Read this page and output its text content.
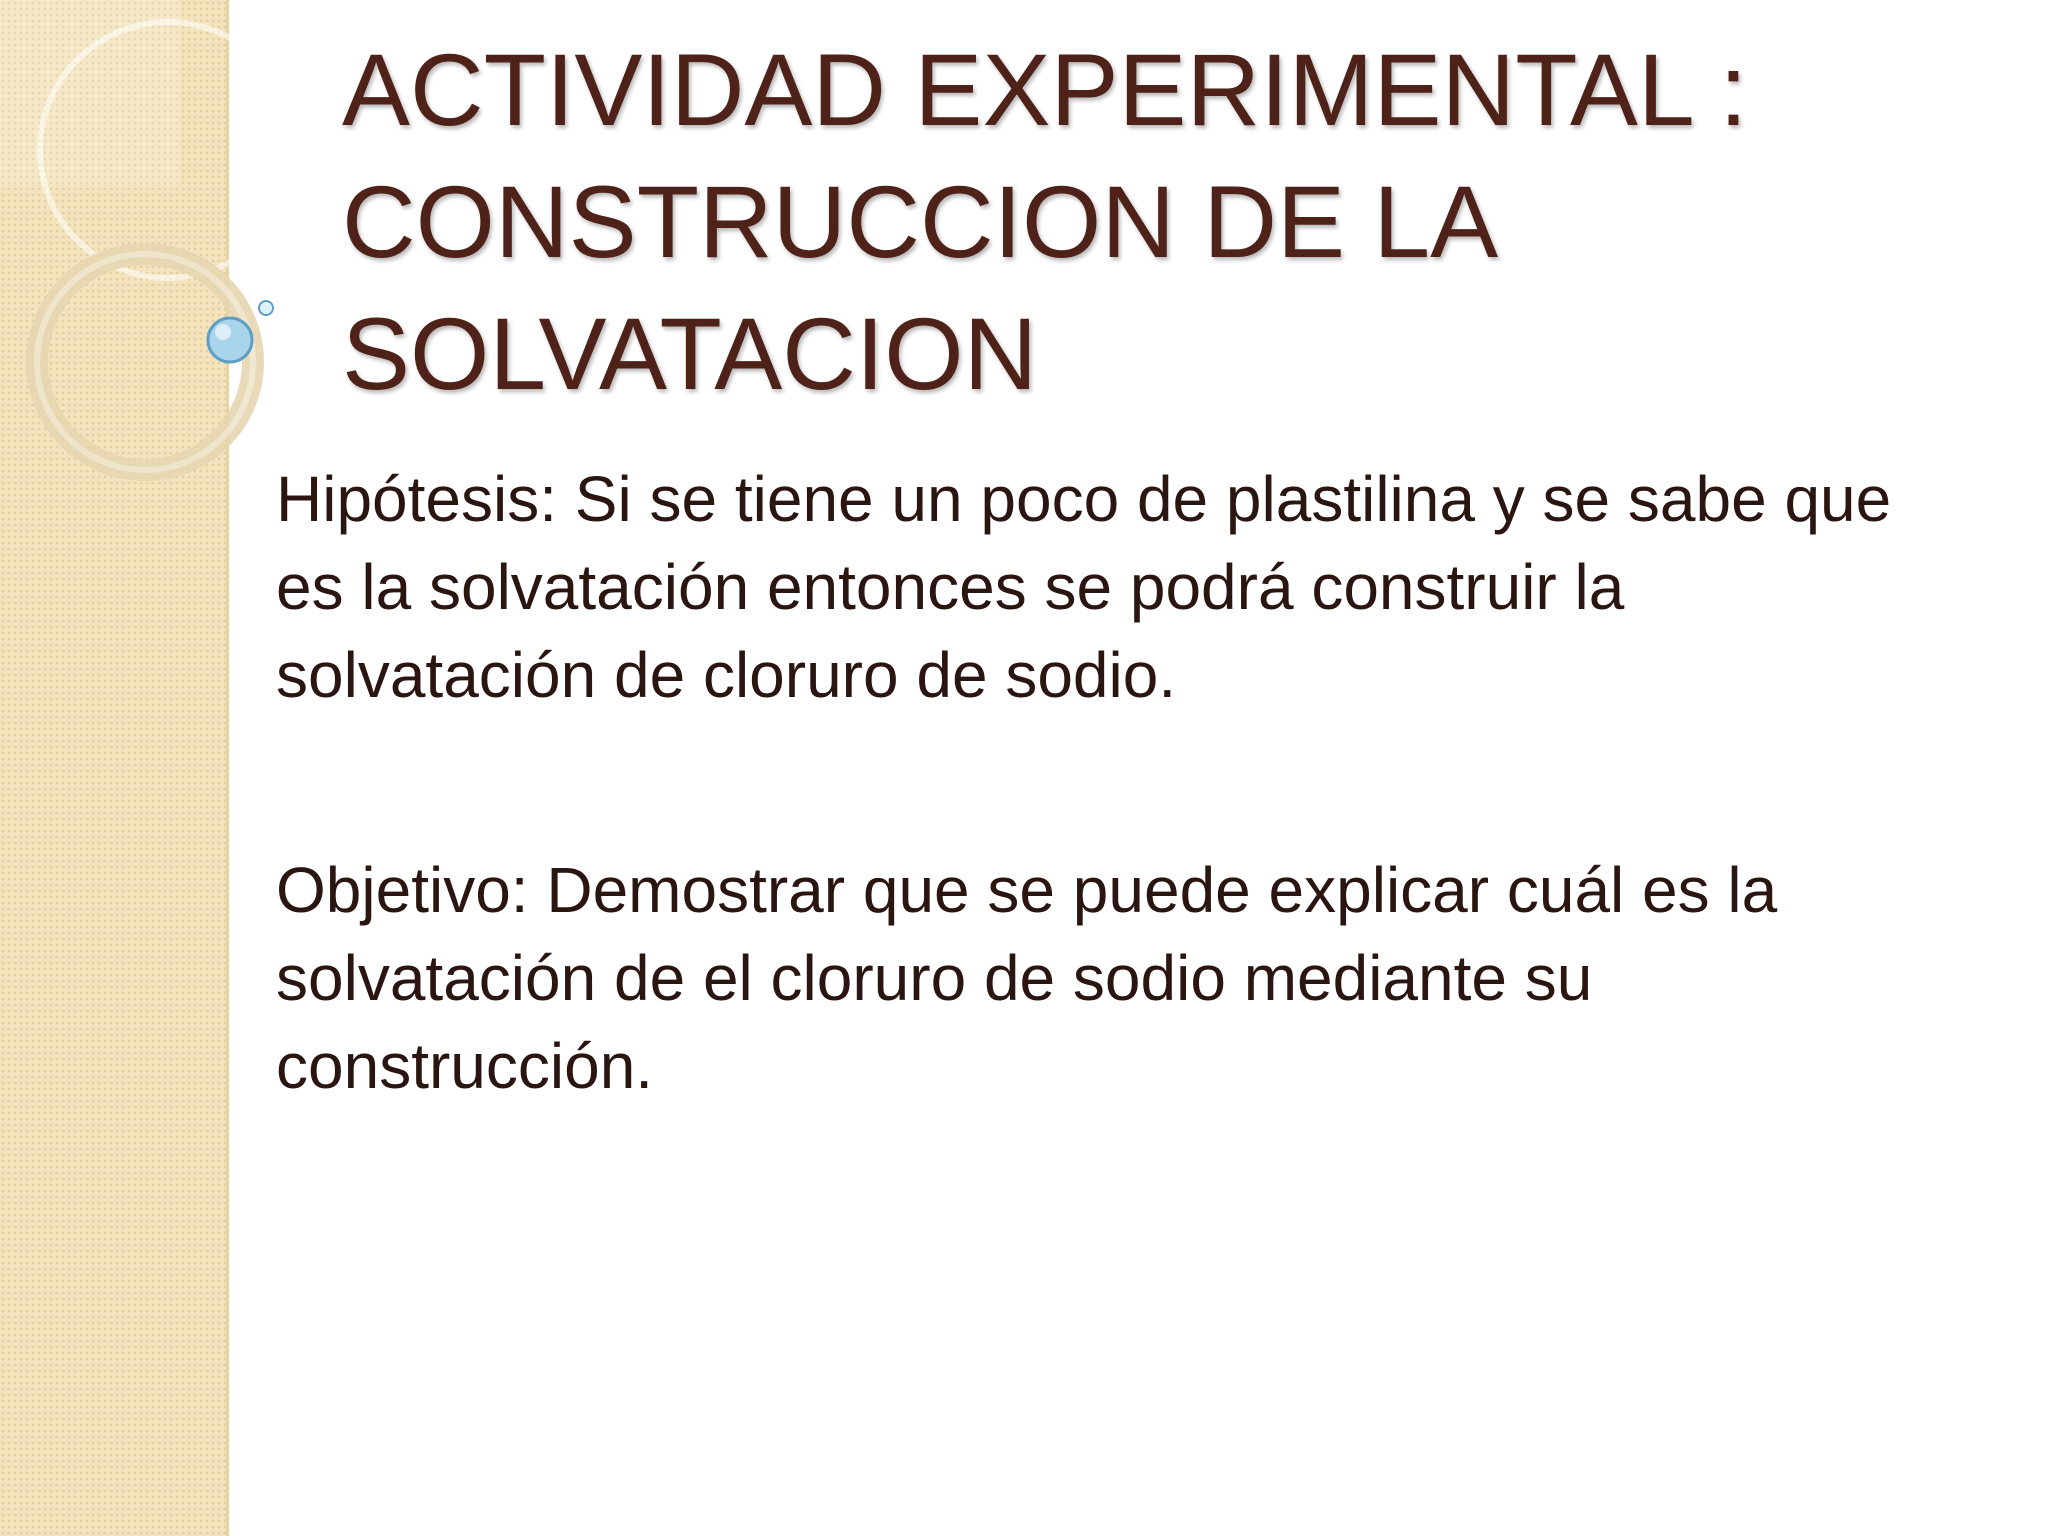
ACTIVIDAD EXPERIMENTAL : CONSTRUCCION DE LA SOLVATACION

Hipótesis: Si se tiene un poco de plastilina y se sabe que es la solvatación entonces se podrá construir la solvatación de cloruro de sodio.

Objetivo: Demostrar que se puede explicar cuál es la solvatación de el cloruro de sodio mediante su construcción.
